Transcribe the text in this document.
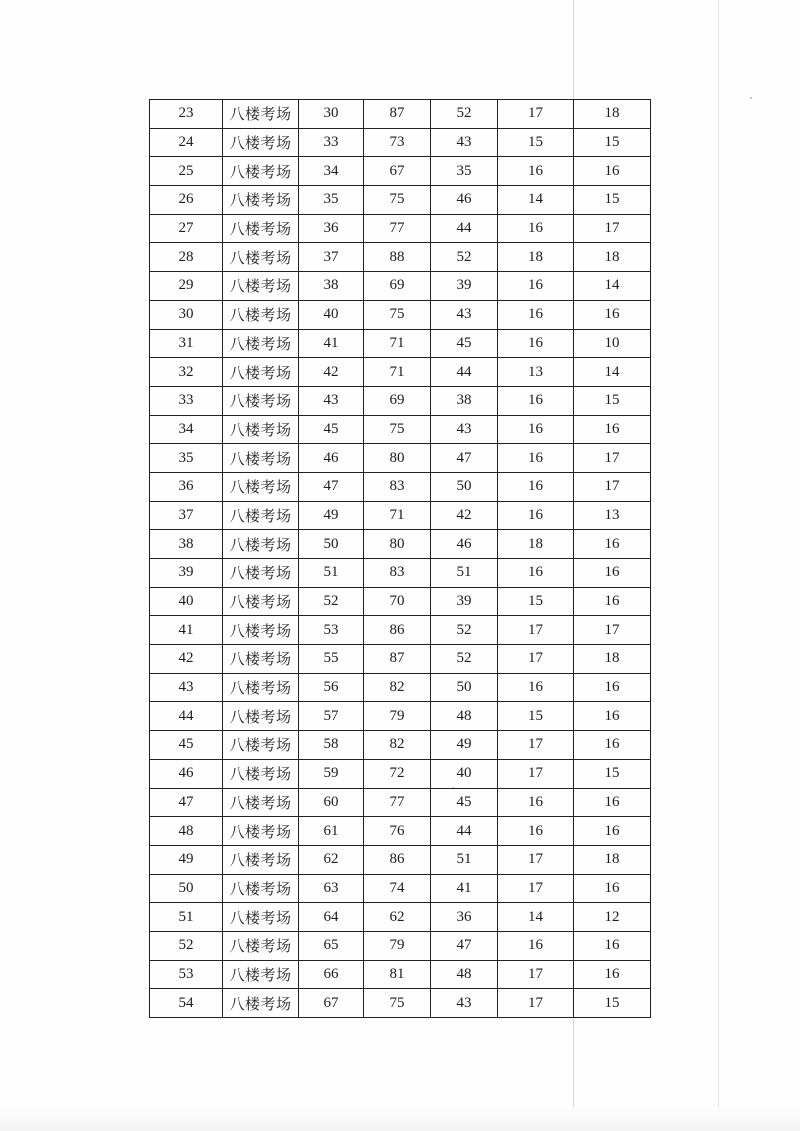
23	八楼考场	30	87	52	17	18
24	八楼考场	33	73	43	15	15
25	八楼考场	34	67	35	16	16
26	八楼考场	35	75	46	14	15
27	八楼考场	36	77	44	16	17
28	八楼考场	37	88	52	18	18
29	八楼考场	38	69	39	16	14
30	八楼考场	40	75	43	16	16
31	八楼考场	41	71	45	16	10
32	八楼考场	42	71	44	13	14
33	八楼考场	43	69	38	16	15
34	八楼考场	45	75	43	16	16
35	八楼考场	46	80	47	16	17
36	八楼考场	47	83	50	16	17
37	八楼考场	49	71	42	16	13
38	八楼考场	50	80	46	18	16
39	八楼考场	51	83	51	16	16
40	八楼考场	52	70	39	15	16
41	八楼考场	53	86	52	17	17
42	八楼考场	55	87	52	17	18
43	八楼考场	56	82	50	16	16
44	八楼考场	57	79	48	15	16
45	八楼考场	58	82	49	17	16
46	八楼考场	59	72	40	17	15
47	八楼考场	60	77	45	16	16
48	八楼考场	61	76	44	16	16
49	八楼考场	62	86	51	17	18
50	八楼考场	63	74	41	17	16
51	八楼考场	64	62	36	14	12
52	八楼考场	65	79	47	16	16
53	八楼考场	66	81	48	17	16
54	八楼考场	67	75	43	17	15
